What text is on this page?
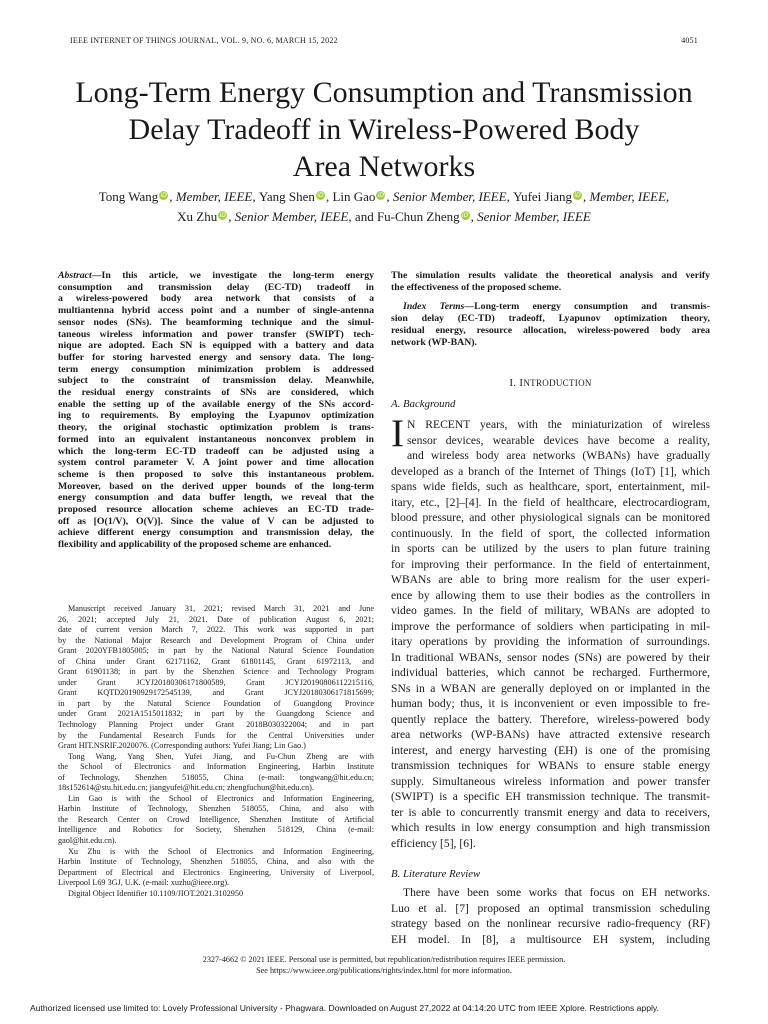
IEEE INTERNET OF THINGS JOURNAL, VOL. 9, NO. 6, MARCH 15, 2022	4051
Long-Term Energy Consumption and Transmission
Delay Tradeoff in Wireless-Powered Body
Area Networks
Tong Wang iD , Member, IEEE, Yang Shen iD , Lin Gao iD , Senior Member, IEEE, Yufei Jiang iD , Member, IEEE,
Xu Zhu iD , Senior Member, IEEE, and Fu-Chun Zheng iD , Senior Member, IEEE

Abstract—In this article, we investigate the long-term energy
consumption and transmission delay (EC-TD) tradeoff in
a wireless-powered body area network that consists of a
multiantenna hybrid access point and a number of single-antenna
sensor nodes (SNs). The beamforming technique and the simul-
taneous wireless information and power transfer (SWIPT) tech-
nique are adopted. Each SN is equipped with a battery and data
buffer for storing harvested energy and sensory data. The long-
term energy consumption minimization problem is addressed
subject to the constraint of transmission delay. Meanwhile,
the residual energy constraints of SNs are considered, which
enable the setting up of the available energy of the SNs accord-
ing to requirements. By employing the Lyapunov optimization
theory, the original stochastic optimization problem is trans-
formed into an equivalent instantaneous nonconvex problem in
which the long-term EC-TD tradeoff can be adjusted using a
system control parameter V. A joint power and time allocation
scheme is then proposed to solve this instantaneous problem.
Moreover, based on the derived upper bounds of the long-term
energy consumption and data buffer length, we reveal that the
proposed resource allocation scheme achieves an EC-TD trade-
off as [O(1/V), O(V)]. Since the value of V can be adjusted to
achieve different energy consumption and transmission delay, the
flexibility and applicability of the proposed scheme are enhanced.

Manuscript received January 31, 2021; revised March 31, 2021 and June
26, 2021; accepted July 21, 2021. Date of publication August 6, 2021;
date of current version March 7, 2022. This work was supported in part
by the National Major Research and Development Program of China under
Grant 2020YFB1805005; in part by the National Natural Science Foundation
of China under Grant 62171162, Grant 61801145, Grant 61972113, and
Grant 61901138; in part by the Shenzhen Science and Technology Program
under Grant JCYJ20180306171800589, Grant JCYJ20190806112215116,
Grant KQTD20190929172545139, and Grant JCYJ20180306171815699;
in part by the Natural Science Foundation of Guangdong Province
under Grant 2021A1515011832; in part by the Guangdong Science and
Technology Planning Project under Grant 2018B030322004; and in part
by the Fundamental Research Funds for the Central Universities under
Grant HIT.NSRIF.2020076. (Corresponding authors: Yufei Jiang; Lin Gao.)
Tong Wang, Yang Shen, Yufei Jiang, and Fu-Chun Zheng are with
the School of Electronics and Information Engineering, Harbin Institute
of Technology, Shenzhen 518055, China (e-mail: tongwang@hit.edu.cn;
18s152614@stu.hit.edu.cn; jiangyufei@hit.edu.cn; zhengfuchun@hit.edu.cn).
Lin Gao is with the School of Electronics and Information Engineering,
Harbin Institute of Technology, Shenzhen 518055, China, and also with
the Research Center on Crowd Intelligence, Shenzhen Institute of Artificial
Intelligence and Robotics for Society, Shenzhen 518129, China (e-mail:
gaol@hit.edu.cn).
Xu Zhu is with the School of Electronics and Information Engineering,
Harbin Institute of Technology, Shenzhen 518055, China, and also with the
Department of Electrical and Electronics Engineering, University of Liverpool,
Liverpool L69 3GJ, U.K. (e-mail: xuzhu@ieee.org).
Digital Object Identifier 10.1109/JIOT.2021.3102950

The simulation results validate the theoretical analysis and verify
the effectiveness of the proposed scheme.

Index Terms—Long-term energy consumption and transmis-
sion delay (EC-TD) tradeoff, Lyapunov optimization theory,
residual energy, resource allocation, wireless-powered body area
network (WP-BAN).

I. INTRODUCTION
A. Background
I N RECENT years, with the miniaturization of wireless
sensor devices, wearable devices have become a reality,
and wireless body area networks (WBANs) have gradually
developed as a branch of the Internet of Things (IoT) [1], which
spans wide fields, such as healthcare, sport, entertainment, mil-
itary, etc., [2]–[4]. In the field of healthcare, electrocardiogram,
blood pressure, and other physiological signals can be monitored
continuously. In the field of sport, the collected information
in sports can be utilized by the users to plan future training
for improving their performance. In the field of entertainment,
WBANs are able to bring more realism for the user experi-
ence by allowing them to use their bodies as the controllers in
video games. In the field of military, WBANs are adopted to
improve the performance of soldiers when participating in mil-
itary operations by providing the information of surroundings.
In traditional WBANs, sensor nodes (SNs) are powered by their
individual batteries, which cannot be recharged. Furthermore,
SNs in a WBAN are generally deployed on or implanted in the
human body; thus, it is inconvenient or even impossible to fre-
quently replace the battery. Therefore, wireless-powered body
area networks (WP-BANs) have attracted extensive research
interest, and energy harvesting (EH) is one of the promising
transmission techniques for WBANs to ensure stable energy
supply. Simultaneous wireless information and power transfer
(SWIPT) is a specific EH transmission technique. The transmit-
ter is able to concurrently transmit energy and data to receivers,
which results in low energy consumption and high transmission
efficiency [5], [6].
B. Literature Review
There have been some works that focus on EH networks.
Luo et al. [7] proposed an optimal transmission scheduling
strategy based on the nonlinear recursive radio-frequency (RF)
EH model. In [8], a multisource EH system, including
2327-4662 © 2021 IEEE. Personal use is permitted, but republication/redistribution requires IEEE permission.
See https://www.ieee.org/publications/rights/index.html for more information.
Authorized licensed use limited to: Lovely Professional University - Phagwara. Downloaded on August 27,2022 at 04:14:20 UTC from IEEE Xplore. Restrictions apply.
